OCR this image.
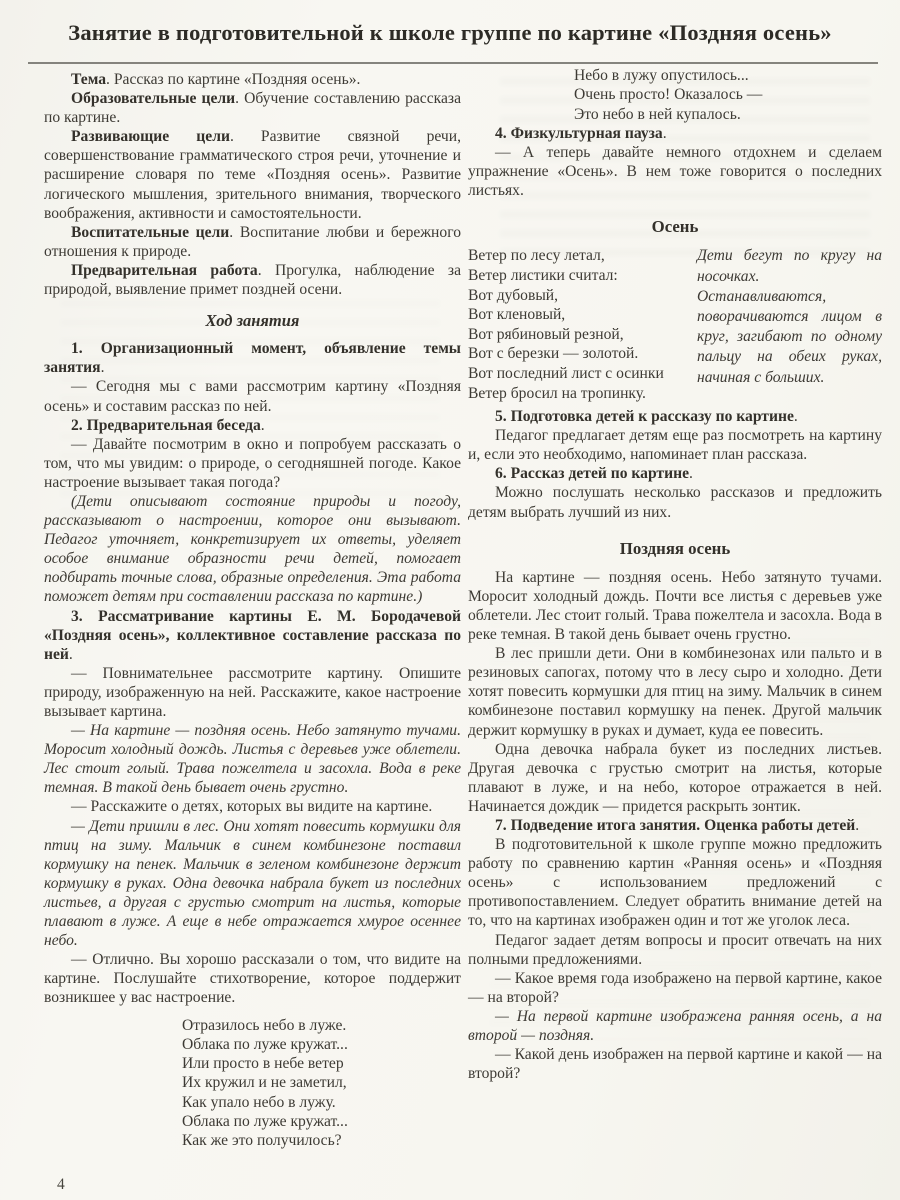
Занятие в подготовительной к школе группе по картине «Поздняя осень»

Тема. Рассказ по картине «Поздняя осень».

Образовательные цели. Обучение составлению рассказа по картине.

Развивающие цели. Развитие связной речи, совершенствование грамматического строя речи, уточнение и расширение словаря по теме «Поздняя осень». Развитие логического мышления, зрительного внимания, творческого воображения, активности и самостоятельности.

Воспитательные цели. Воспитание любви и бережного отношения к природе.

Предварительная работа. Прогулка, наблюдение за природой, выявление примет поздней осени.

Ход занятия

1. Организационный момент, объявление темы занятия.

— Сегодня мы с вами рассмотрим картину «Поздняя осень» и составим рассказ по ней.

2. Предварительная беседа.

— Давайте посмотрим в окно и попробуем рассказать о том, что мы увидим: о природе, о сегодняшней погоде. Какое настроение вызывает такая погода?

(Дети описывают состояние природы и погоду, рассказывают о настроении, которое они вызывают. Педагог уточняет, конкретизирует их ответы, уделяет особое внимание образности речи детей, помогает подбирать точные слова, образные определения. Эта работа поможет детям при составлении рассказа по картине.)

3. Рассматривание картины Е. М. Бородачевой «Поздняя осень», коллективное составление рассказа по ней.

— Повнимательнее рассмотрите картину. Опишите природу, изображенную на ней. Расскажите, какое настроение вызывает картина.

— На картине — поздняя осень. Небо затянуто тучами. Моросит холодный дождь. Листья с деревьев уже облетели. Лес стоит голый. Трава пожелтела и засохла. Вода в реке темная. В такой день бывает очень грустно.

— Расскажите о детях, которых вы видите на картине.

— Дети пришли в лес. Они хотят повесить кормушки для птиц на зиму. Мальчик в синем комбинезоне поставил кормушку на пенек. Мальчик в зеленом комбинезоне держит кормушку в руках. Одна девочка набрала букет из последних листьев, а другая с грустью смотрит на листья, которые плавают в луже. А еще в небе отражается хмурое осеннее небо.

— Отлично. Вы хорошо рассказали о том, что видите на картине. Послушайте стихотворение, которое поддержит возникшее у вас настроение.

Отразилось небо в луже.
Облака по луже кружат...
Или просто в небе ветер
Их кружил и не заметил,
Как упало небо в лужу.
Облака по луже кружат...
Как же это получилось?
Небо в лужу опустилось...
Очень просто! Оказалось —
Это небо в ней купалось.

4. Физкультурная пауза.

— А теперь давайте немного отдохнем и сделаем упражнение «Осень». В нем тоже говорится о последних листьях.

Осень
Ветер по лесу летал,
Ветер листики считал:
Вот дубовый,
Вот кленовый,
Вот рябиновый резной,
Вот с березки — золотой.
Вот последний лист с осинки
Ветер бросил на тропинку.

Дети бегут по кругу на носочках.

Останавливаются, поворачиваются лицом в круг, загибают по одному пальцу на обеих руках, начиная с больших.

5. Подготовка детей к рассказу по картине.

Педагог предлагает детям еще раз посмотреть на картину и, если это необходимо, напоминает план рассказа.

6. Рассказ детей по картине.

Можно послушать несколько рассказов и предложить детям выбрать лучший из них.

Поздняя осень

На картине — поздняя осень. Небо затянуто тучами. Моросит холодный дождь. Почти все листья с деревьев уже облетели. Лес стоит голый. Трава пожелтела и засохла. Вода в реке темная. В такой день бывает очень грустно.

В лес пришли дети. Они в комбинезонах или пальто и в резиновых сапогах, потому что в лесу сыро и холодно. Дети хотят повесить кормушки для птиц на зиму. Мальчик в синем комбинезоне поставил кормушку на пенек. Другой мальчик держит кормушку в руках и думает, куда ее повесить.

Одна девочка набрала букет из последних листьев. Другая девочка с грустью смотрит на листья, которые плавают в луже, и на небо, которое отражается в ней. Начинается дождик — придется раскрыть зонтик.

7. Подведение итога занятия. Оценка работы детей.

В подготовительной к школе группе можно предложить работу по сравнению картин «Ранняя осень» и «Поздняя осень» с использованием предложений с противопоставлением. Следует обратить внимание детей на то, что на картинах изображен один и тот же уголок леса.

Педагог задает детям вопросы и просит отвечать на них полными предложениями.

— Какое время года изображено на первой картине, какое — на второй?

— На первой картине изображена ранняя осень, а на второй — поздняя.

— Какой день изображен на первой картине и какой — на второй?

4
